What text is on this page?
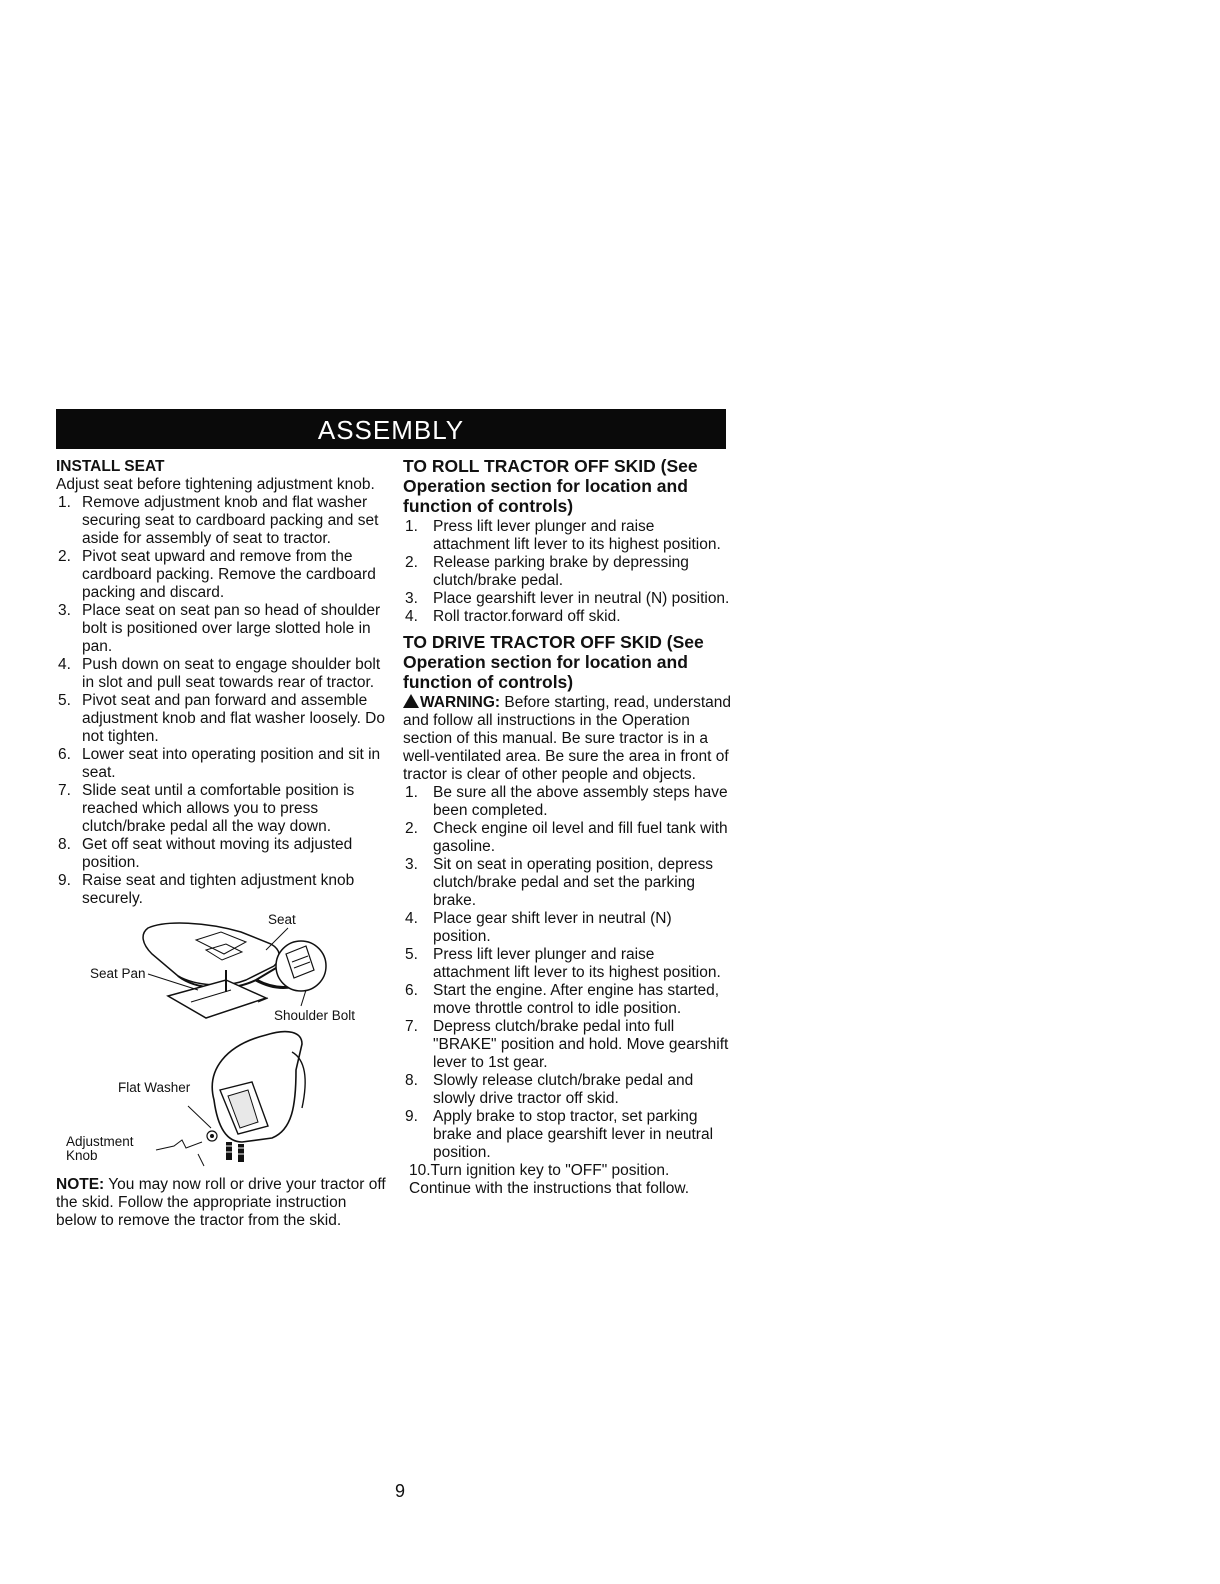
ASSEMBLY
INSTALL SEAT

Adjust seat before tightening adjustment knob.

1. Remove adjustment knob and flat washer securing seat to cardboard packing and set aside for assembly of seat to tractor.
2. Pivot seat upward and remove from the cardboard packing. Remove the cardboard packing and discard.
3. Place seat on seat pan so head of shoulder bolt is positioned over large slotted hole in pan.
4. Push down on seat to engage shoulder bolt in slot and pull seat towards rear of tractor.
5. Pivot seat and pan forward and assemble adjustment knob and flat washer loosely. Do not tighten.
6. Lower seat into operating position and sit in seat.
7. Slide seat until a comfortable position is reached which allows you to press clutch/brake pedal all the way down.
8. Get off seat without moving its adjusted position.
9. Raise seat and tighten adjustment knob securely.
Seat
Seat Pan
Shoulder Bolt
Flat Washer
Adjustment
Knob

NOTE: You may now roll or drive your tractor off the skid. Follow the appropriate instruction below to remove the tractor from the skid.

TO ROLL TRACTOR OFF SKID (See Operation section for location and function of controls)
1. Press lift lever plunger and raise attachment lift lever to its highest position.
2. Release parking brake by depressing clutch/brake pedal.
3. Place gearshift lever in neutral (N) position.
4. Roll tractor.forward off skid.
TO DRIVE TRACTOR OFF SKID (See Operation section for location and function of controls)

WARNING: Before starting, read, understand and follow all instructions in the Operation section of this manual. Be sure tractor is in a well-ventilated area. Be sure the area in front of tractor is clear of other people and objects.

1. Be sure all the above assembly steps have been completed.
2. Check engine oil level and fill fuel tank with gasoline.
3. Sit on seat in operating position, depress clutch/brake pedal and set the parking brake.
4. Place gear shift lever in neutral (N) position.
5. Press lift lever plunger and raise attachment lift lever to its highest position.
6. Start the engine. After engine has started, move throttle control to idle position.
7. Depress clutch/brake pedal into full "BRAKE" position and hold. Move gearshift lever to 1st gear.
8. Slowly release clutch/brake pedal and slowly drive tractor off skid.
9. Apply brake to stop tractor, set parking brake and place gearshift lever in neutral position.

10.Turn ignition key to "OFF" position.

Continue with the instructions that follow.

9
